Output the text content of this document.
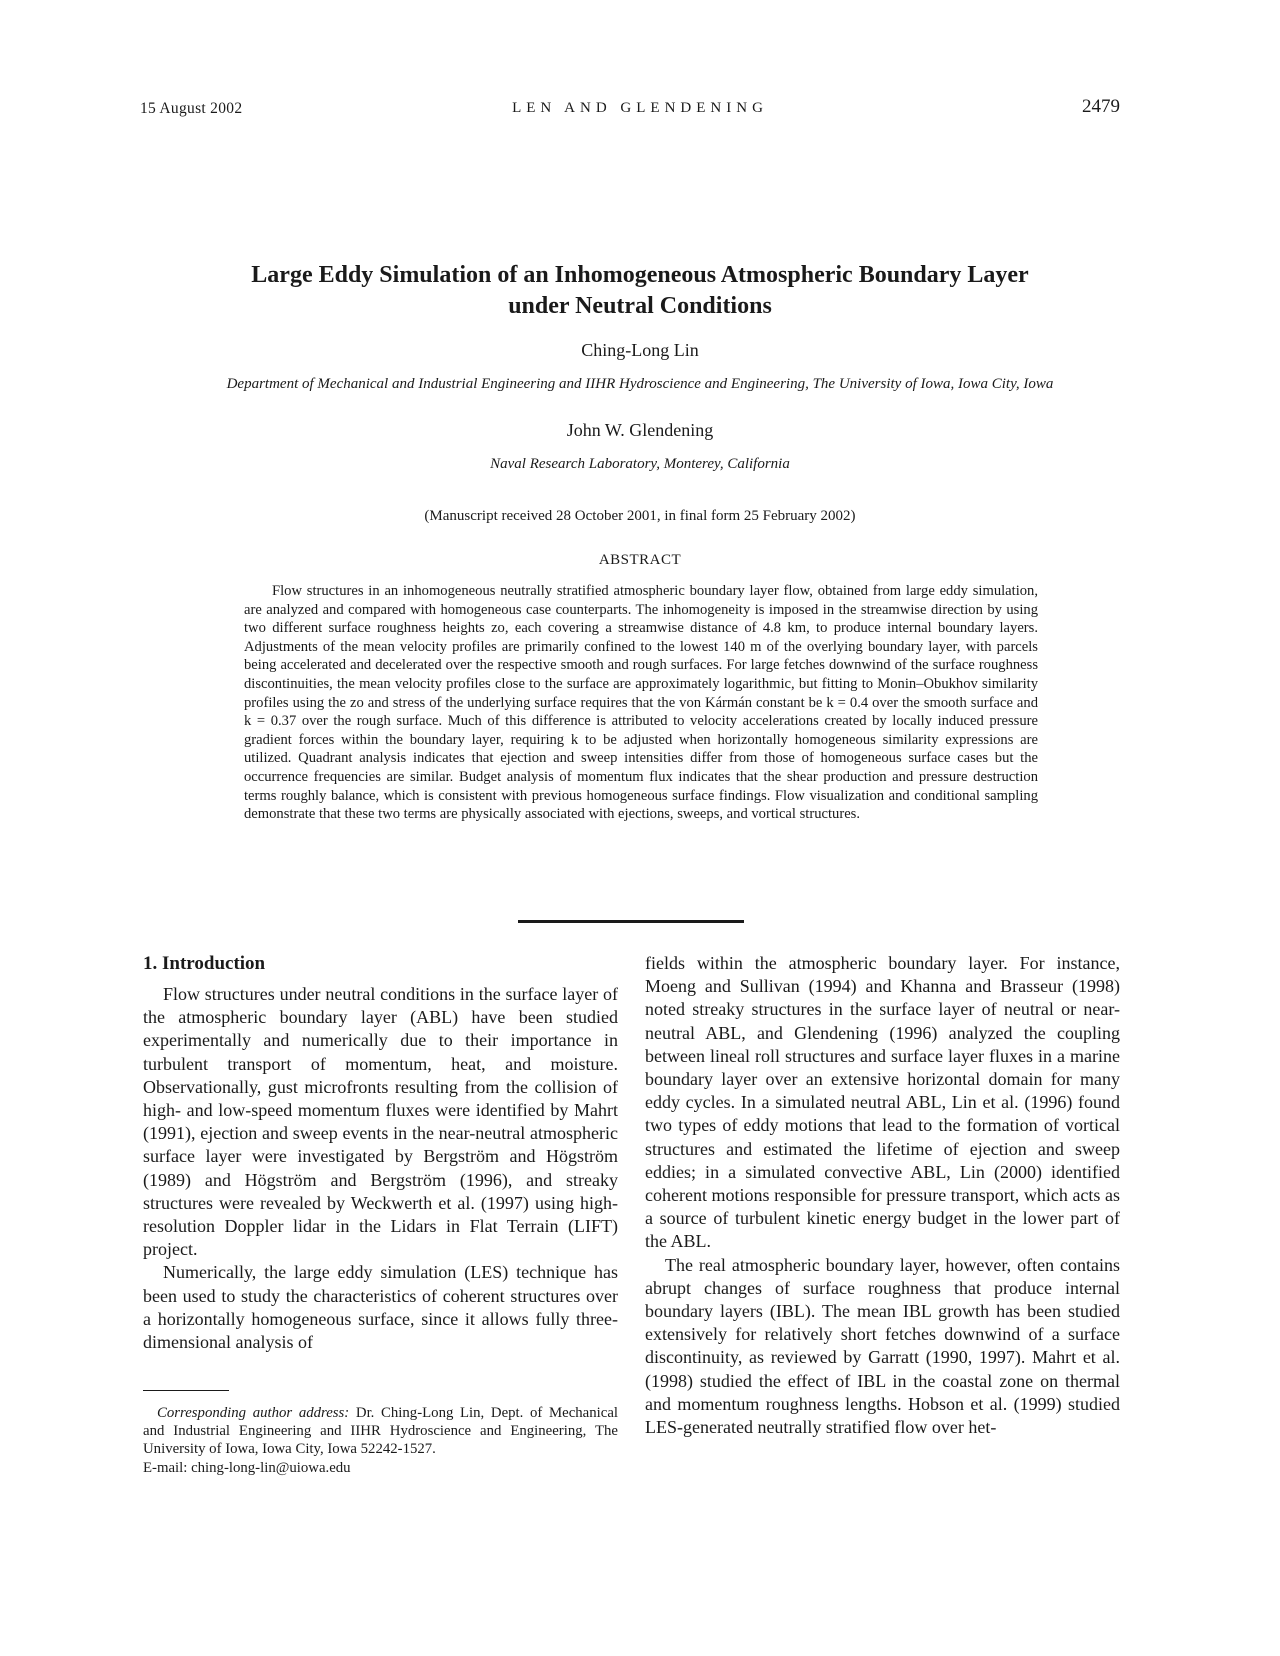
15 August 2002	LEN AND GLENDENING	2479
Large Eddy Simulation of an Inhomogeneous Atmospheric Boundary Layer
under Neutral Conditions
Ching-Long Lin
Department of Mechanical and Industrial Engineering and IIHR Hydroscience and Engineering, The University of Iowa, Iowa City, Iowa
John W. Glendening
Naval Research Laboratory, Monterey, California
(Manuscript received 28 October 2001, in final form 25 February 2002)
ABSTRACT

Flow structures in an inhomogeneous neutrally stratified atmospheric boundary layer flow, obtained from large eddy simulation, are analyzed and compared with homogeneous case counterparts. The inhomogeneity is imposed in the streamwise direction by using two different surface roughness heights zo, each covering a streamwise distance of 4.8 km, to produce internal boundary layers. Adjustments of the mean velocity profiles are primarily confined to the lowest 140 m of the overlying boundary layer, with parcels being accelerated and decelerated over the respective smooth and rough surfaces. For large fetches downwind of the surface roughness discontinuities, the mean velocity profiles close to the surface are approximately logarithmic, but fitting to Monin–Obukhov similarity profiles using the zo and stress of the underlying surface requires that the von Kármán constant be k = 0.4 over the smooth surface and k = 0.37 over the rough surface. Much of this difference is attributed to velocity accelerations created by locally induced pressure gradient forces within the boundary layer, requiring k to be adjusted when horizontally homogeneous similarity expressions are utilized. Quadrant analysis indicates that ejection and sweep intensities differ from those of homogeneous surface cases but the occurrence frequencies are similar. Budget analysis of momentum flux indicates that the shear production and pressure destruction terms roughly balance, which is consistent with previous homogeneous surface findings. Flow visualization and conditional sampling demonstrate that these two terms are physically associated with ejections, sweeps, and vortical structures.

1. Introduction

Flow structures under neutral conditions in the surface layer of the atmospheric boundary layer (ABL) have been studied experimentally and numerically due to their importance in turbulent transport of momentum, heat, and moisture. Observationally, gust microfronts resulting from the collision of high- and low-speed momentum fluxes were identified by Mahrt (1991), ejection and sweep events in the near-neutral atmospheric surface layer were investigated by Bergström and Högström (1989) and Högström and Bergström (1996), and streaky structures were revealed by Weckwerth et al. (1997) using high-resolution Doppler lidar in the Lidars in Flat Terrain (LIFT) project.

Numerically, the large eddy simulation (LES) technique has been used to study the characteristics of coherent structures over a horizontally homogeneous surface, since it allows fully three-dimensional analysis of

fields within the atmospheric boundary layer. For instance, Moeng and Sullivan (1994) and Khanna and Brasseur (1998) noted streaky structures in the surface layer of neutral or near-neutral ABL, and Glendening (1996) analyzed the coupling between lineal roll structures and surface layer fluxes in a marine boundary layer over an extensive horizontal domain for many eddy cycles. In a simulated neutral ABL, Lin et al. (1996) found two types of eddy motions that lead to the formation of vortical structures and estimated the lifetime of ejection and sweep eddies; in a simulated convective ABL, Lin (2000) identified coherent motions responsible for pressure transport, which acts as a source of turbulent kinetic energy budget in the lower part of the ABL.

The real atmospheric boundary layer, however, often contains abrupt changes of surface roughness that produce internal boundary layers (IBL). The mean IBL growth has been studied extensively for relatively short fetches downwind of a surface discontinuity, as reviewed by Garratt (1990, 1997). Mahrt et al. (1998) studied the effect of IBL in the coastal zone on thermal and momentum roughness lengths. Hobson et al. (1999) studied LES-generated neutrally stratified flow over het-

Corresponding author address: Dr. Ching-Long Lin, Dept. of Mechanical and Industrial Engineering and IIHR Hydroscience and Engineering, The University of Iowa, Iowa City, Iowa 52242-1527.
E-mail: ching-long-lin@uiowa.edu
